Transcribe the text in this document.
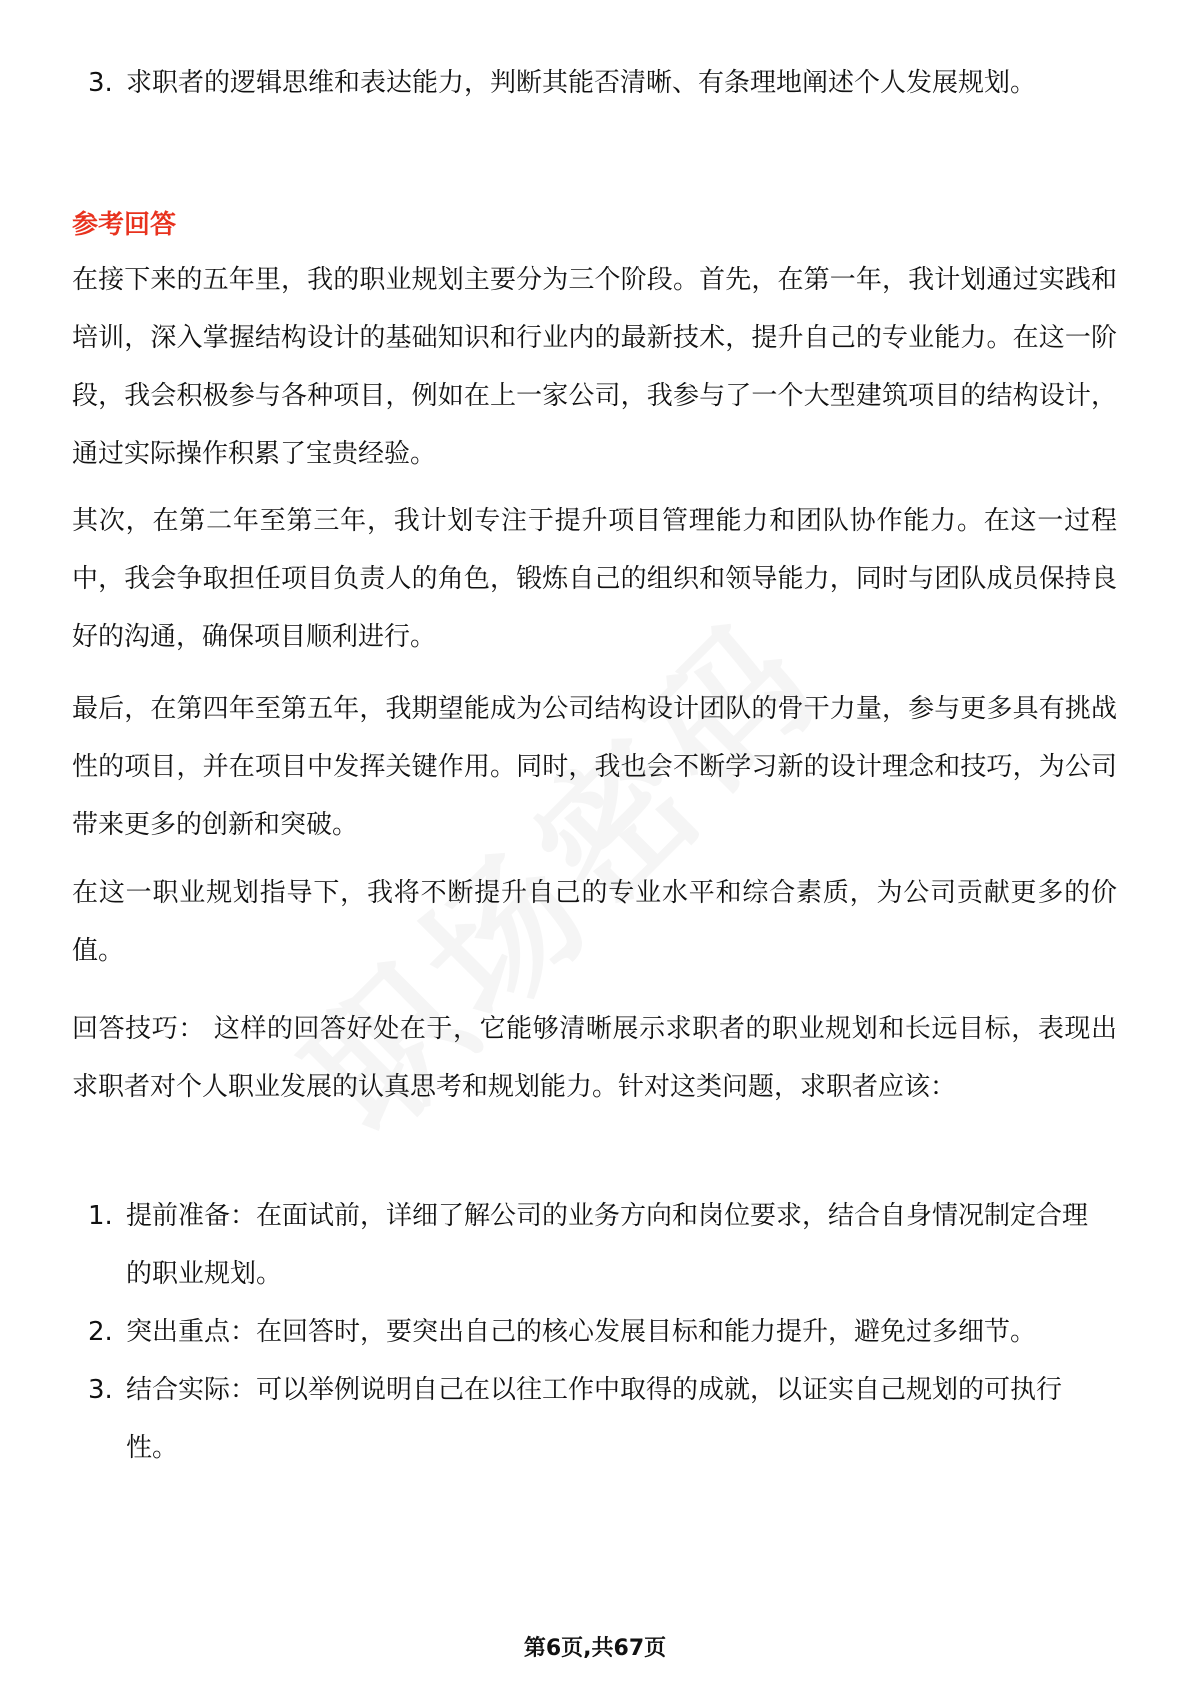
3. 求职者的逻辑思维和表达能力，判断其能否清晰、有条理地阐述个人发展规划。
参考回答

在接下来的五年里，我的职业规划主要分为三个阶段。首先，在第一年，我计划通过实践和培训，深入掌握结构设计的基础知识和行业内的最新技术，提升自己的专业能力。在这一阶段，我会积极参与各种项目，例如在上一家公司，我参与了一个大型建筑项目的结构设计，通过实际操作积累了宝贵经验。

其次，在第二年至第三年，我计划专注于提升项目管理能力和团队协作能力。在这一过程中，我会争取担任项目负责人的角色，锻炼自己的组织和领导能力，同时与团队成员保持良好的沟通，确保项目顺利进行。

最后，在第四年至第五年，我期望能成为公司结构设计团队的骨干力量，参与更多具有挑战性的项目，并在项目中发挥关键作用。同时，我也会不断学习新的设计理念和技巧，为公司带来更多的创新和突破。

在这一职业规划指导下，我将不断提升自己的专业水平和综合素质，为公司贡献更多的价值。

回答技巧： 这样的回答好处在于，它能够清晰展示求职者的职业规划和长远目标，表现出求职者对个人职业发展的认真思考和规划能力。针对这类问题，求职者应该：

1. 提前准备：在面试前，详细了解公司的业务方向和岗位要求，结合自身情况制定合理的职业规划。
2. 突出重点：在回答时，要突出自己的核心发展目标和能力提升，避免过多细节。
3. 结合实际：可以举例说明自己在以往工作中取得的成就，以证实自己规划的可执行性。
第6页,共67页
